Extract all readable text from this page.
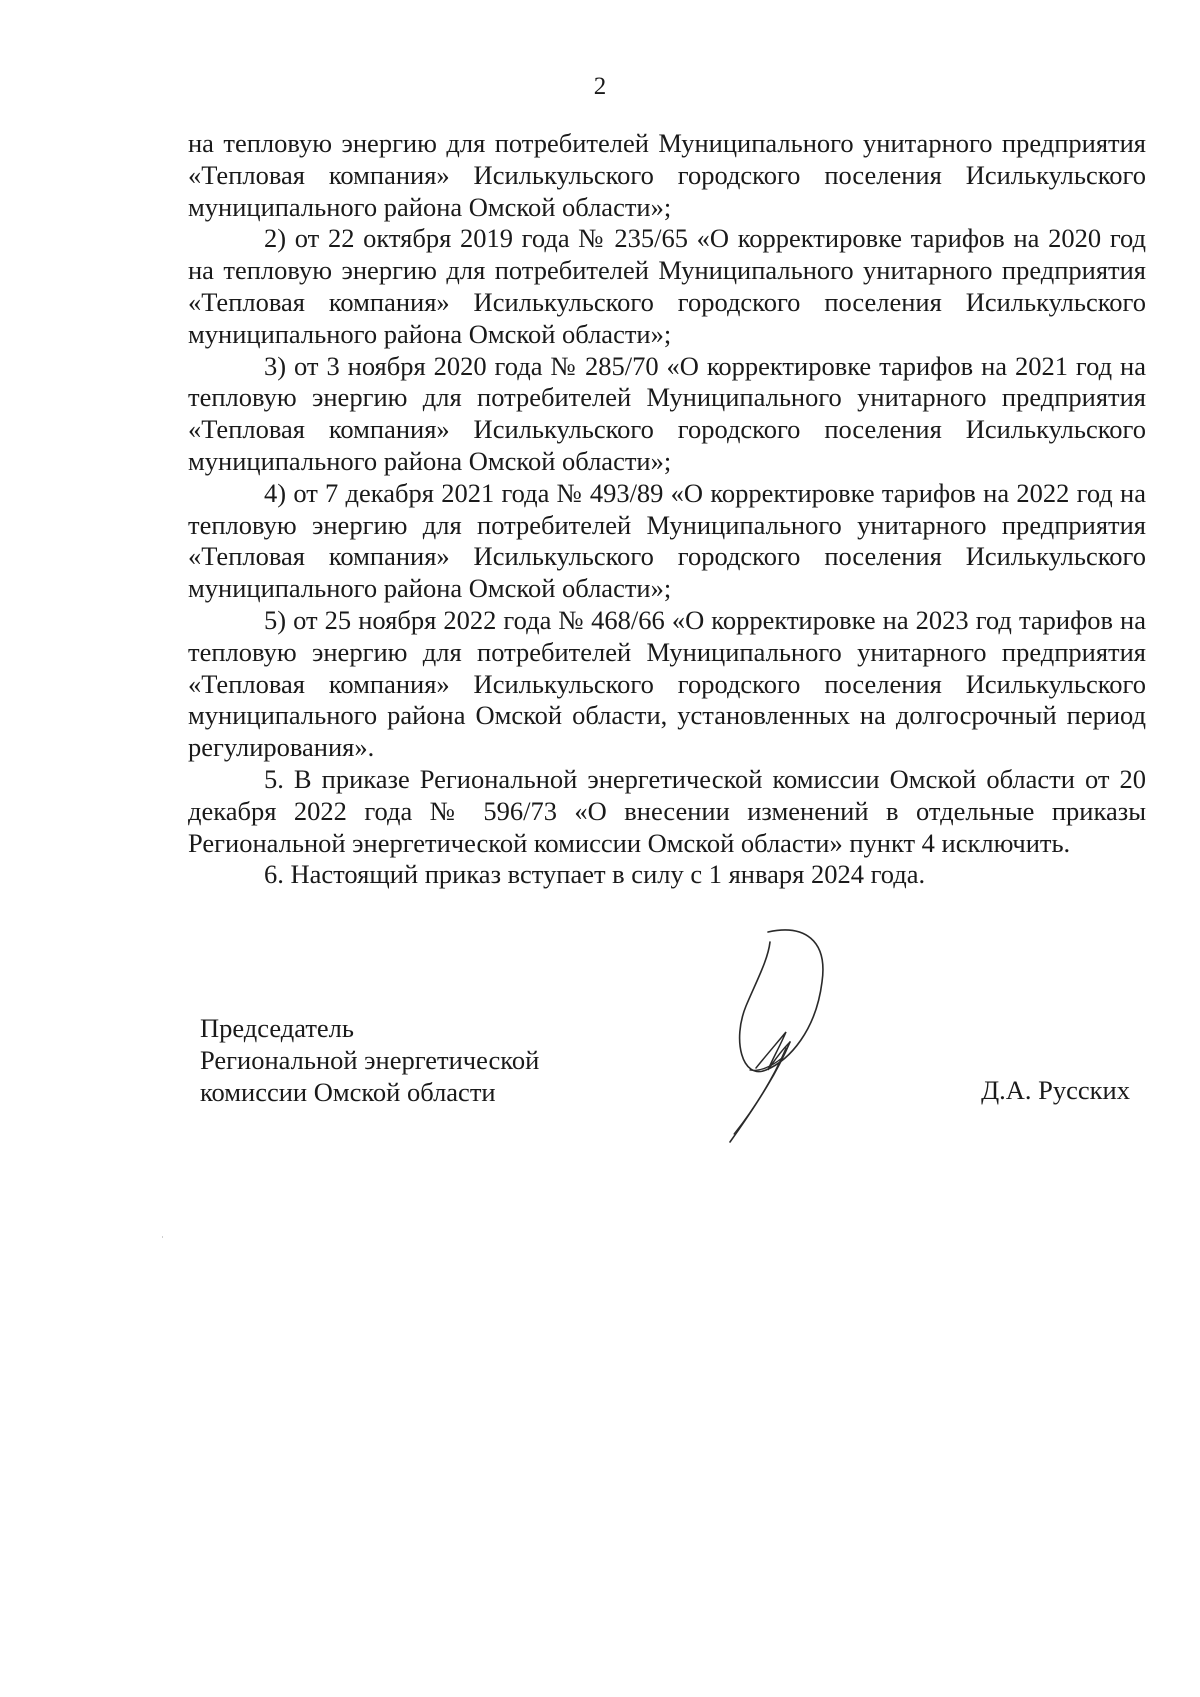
2

на тепловую энергию для потребителей Муниципального унитарного предприятия «Тепловая компания» Исилькульского городского поселения Исилькульского муниципального района Омской области»;

2) от 22 октября 2019 года № 235/65 «О корректировке тарифов на 2020 год на тепловую энергию для потребителей Муниципального унитарного предприятия «Тепловая компания» Исилькульского городского поселения Исилькульского муниципального района Омской области»;

3) от 3 ноября 2020 года № 285/70 «О корректировке тарифов на 2021 год на тепловую энергию для потребителей Муниципального унитарного предприятия «Тепловая компания» Исилькульского городского поселения Исилькульского муниципального района Омской области»;

4) от 7 декабря 2021 года № 493/89 «О корректировке тарифов на 2022 год на тепловую энергию для потребителей Муниципального унитарного предприятия «Тепловая компания» Исилькульского городского поселения Исилькульского муниципального района Омской области»;

5) от 25 ноября 2022 года № 468/66 «О корректировке на 2023 год тарифов на тепловую энергию для потребителей Муниципального унитарного предприятия «Тепловая компания» Исилькульского городского поселения Исилькульского муниципального района Омской области, установленных на долгосрочный период регулирования».

5. В приказе Региональной энергетической комиссии Омской области от 20 декабря 2022 года № 596/73 «О внесении изменений в отдельные приказы Региональной энергетической комиссии Омской области» пункт 4 исключить.

6. Настоящий приказ вступает в силу с 1 января 2024 года.

Председатель
Региональной энергетической
комиссии Омской области	Д.А. Русских
